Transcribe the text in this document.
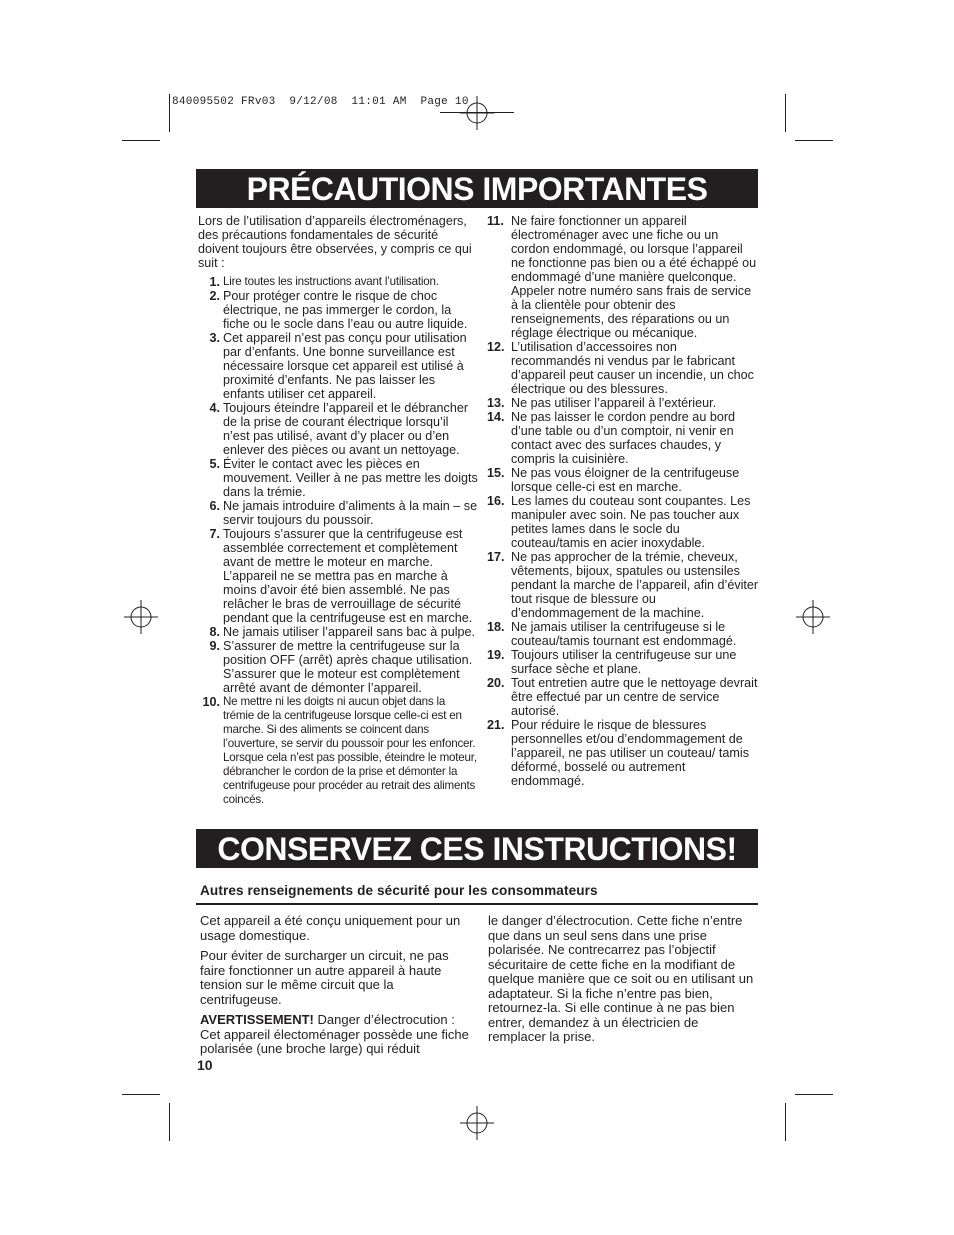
840095502 FRv03  9/12/08  11:01 AM  Page 10
PRÉCAUTIONS IMPORTANTES

Lors de l’utilisation d’appareils électroménagers, des précautions fondamentales de sécurité doivent toujours être observées, y compris ce qui suit :

1. Lire toutes les instructions avant l’utilisation.
2. Pour protéger contre le risque de choc électrique, ne pas immerger le cordon, la fiche ou le socle dans l’eau ou autre liquide.
3. Cet appareil n’est pas conçu pour utilisation par d’enfants. Une bonne surveillance est nécessaire lorsque cet appareil est utilisé à proximité d’enfants. Ne pas laisser les enfants utiliser cet appareil.
4. Toujours éteindre l’appareil et le débrancher de la prise de courant électrique lorsqu’il n’est pas utilisé, avant d’y placer ou d’en enlever des pièces ou avant un nettoyage.
5. Éviter le contact avec les pièces en mouvement. Veiller à ne pas mettre les doigts dans la trémie.
6. Ne jamais introduire d’aliments à la main – se servir toujours du poussoir.
7. Toujours s’assurer que la centrifugeuse est assemblée correctement et complètement avant de mettre le moteur en marche. L’appareil ne se mettra pas en marche à moins d’avoir été bien assemblé. Ne pas relâcher le bras de verrouillage de sécurité pendant que la centrifugeuse est en marche.
8. Ne jamais utiliser l’appareil sans bac à pulpe.
9. S’assurer de mettre la centrifugeuse sur la position OFF (arrêt) après chaque utilisation. S’assurer que le moteur est complètement arrêté avant de démonter l’appareil.
10. Ne mettre ni les doigts ni aucun objet dans la trémie de la centrifugeuse lorsque celle-ci est en marche. Si des aliments se coincent dans l’ouverture, se servir du poussoir pour les enfoncer. Lorsque cela n’est pas possible, éteindre le moteur, débrancher le cordon de la prise et démonter la centrifugeuse pour procéder au retrait des aliments coincés.
11. Ne faire fonctionner un appareil électroménager avec une fiche ou un cordon endommagé, ou lorsque l’appareil ne fonctionne pas bien ou a été échappé ou endommagé d’une manière quelconque. Appeler notre numéro sans frais de service à la clientèle pour obtenir des renseignements, des réparations ou un réglage électrique ou mécanique.
12. L’utilisation d’accessoires non recommandés ni vendus par le fabricant d’appareil peut causer un incendie, un choc électrique ou des blessures.
13. Ne pas utiliser l’appareil à l’extérieur.
14. Ne pas laisser le cordon pendre au bord d’une table ou d’un comptoir, ni venir en contact avec des surfaces chaudes, y compris la cuisinière.
15. Ne pas vous éloigner de la centrifugeuse lorsque celle-ci est en marche.
16. Les lames du couteau sont coupantes. Les manipuler avec soin. Ne pas toucher aux petites lames dans le socle du couteau/tamis en acier inoxydable.
17. Ne pas approcher de la trémie, cheveux, vêtements, bijoux, spatules ou ustensiles pendant la marche de l’appareil, afin d’éviter tout risque de blessure ou d’endommagement de la machine.
18. Ne jamais utiliser la centrifugeuse si le couteau/tamis tournant est endommagé.
19. Toujours utiliser la centrifugeuse sur une surface sèche et plane.
20. Tout entretien autre que le nettoyage devrait être effectué par un centre de service autorisé.
21. Pour réduire le risque de blessures personnelles et/ou d’endommagement de l’appareil, ne pas utiliser un couteau/ tamis déformé, bosselé ou autrement endommagé.
CONSERVEZ CES INSTRUCTIONS!
Autres renseignements de sécurité pour les consommateurs

Cet appareil a été conçu uniquement pour un usage domestique.

Pour éviter de surcharger un circuit, ne pas faire fonctionner un autre appareil à haute tension sur le même circuit que la centrifugeuse.

AVERTISSEMENT! Danger d’électrocution : Cet appareil électoménager possède une fiche polarisée (une broche large) qui réduit

le danger d’électrocution. Cette fiche n’entre que dans un seul sens dans une prise polarisée. Ne contrecarrez pas l’objectif sécuritaire de cette fiche en la modifiant de quelque manière que ce soit ou en utilisant un adaptateur. Si la fiche n’entre pas bien, retournez-la. Si elle continue à ne pas bien entrer, demandez à un électricien de remplacer la prise.

10
